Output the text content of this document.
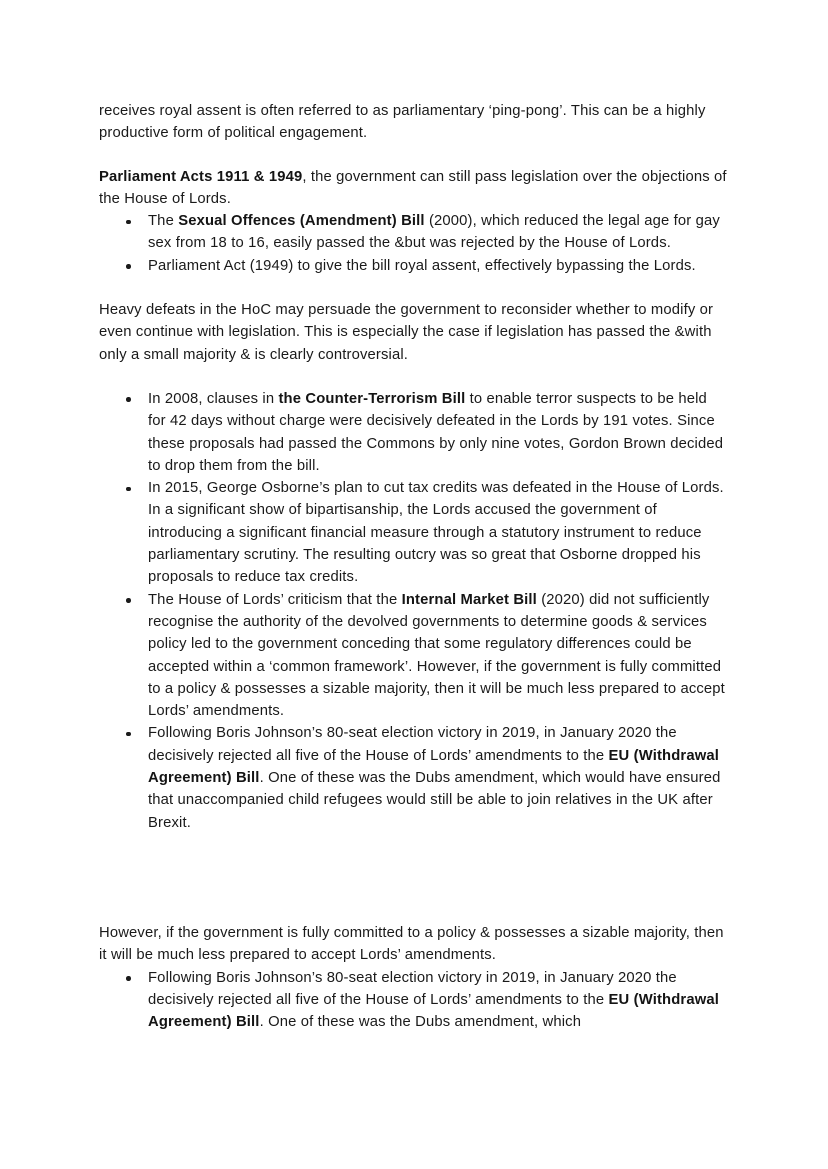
receives royal assent is often referred to as parliamentary ‘ping-pong’. This can be a highly productive form of political engagement.

Parliament Acts 1911 & 1949, the government can still pass legislation over the objections of the House of Lords.

The Sexual Offences (Amendment) Bill (2000), which reduced the legal age for gay sex from 18 to 16, easily passed the &but was rejected by the House of Lords.
Parliament Act (1949) to give the bill royal assent, effectively bypassing the Lords.

Heavy defeats in the HoC may persuade the government to reconsider whether to modify or even continue with legislation. This is especially the case if legislation has passed the &with only a small majority & is clearly controversial.

In 2008, clauses in the Counter-Terrorism Bill to enable terror suspects to be held for 42 days without charge were decisively defeated in the Lords by 191 votes. Since these proposals had passed the Commons by only nine votes, Gordon Brown decided to drop them from the bill.
In 2015, George Osborne’s plan to cut tax credits was defeated in the House of Lords. In a significant show of bipartisanship, the Lords accused the government of introducing a significant financial measure through a statutory instrument to reduce parliamentary scrutiny. The resulting outcry was so great that Osborne dropped his proposals to reduce tax credits.
The House of Lords’ criticism that the Internal Market Bill (2020) did not sufficiently recognise the authority of the devolved governments to determine goods & services policy led to the government conceding that some regulatory differences could be accepted within a ‘common framework’. However, if the government is fully committed to a policy & possesses a sizable majority, then it will be much less prepared to accept Lords’ amendments.
Following Boris Johnson’s 80-seat election victory in 2019, in January 2020 the decisively rejected all five of the House of Lords’ amendments to the EU (Withdrawal Agreement) Bill. One of these was the Dubs amendment, which would have ensured that unaccompanied child refugees would still be able to join relatives in the UK after Brexit.

However, if the government is fully committed to a policy & possesses a sizable majority, then it will be much less prepared to accept Lords’ amendments.

Following Boris Johnson’s 80-seat election victory in 2019, in January 2020 the decisively rejected all five of the House of Lords’ amendments to the EU (Withdrawal Agreement) Bill. One of these was the Dubs amendment, which
